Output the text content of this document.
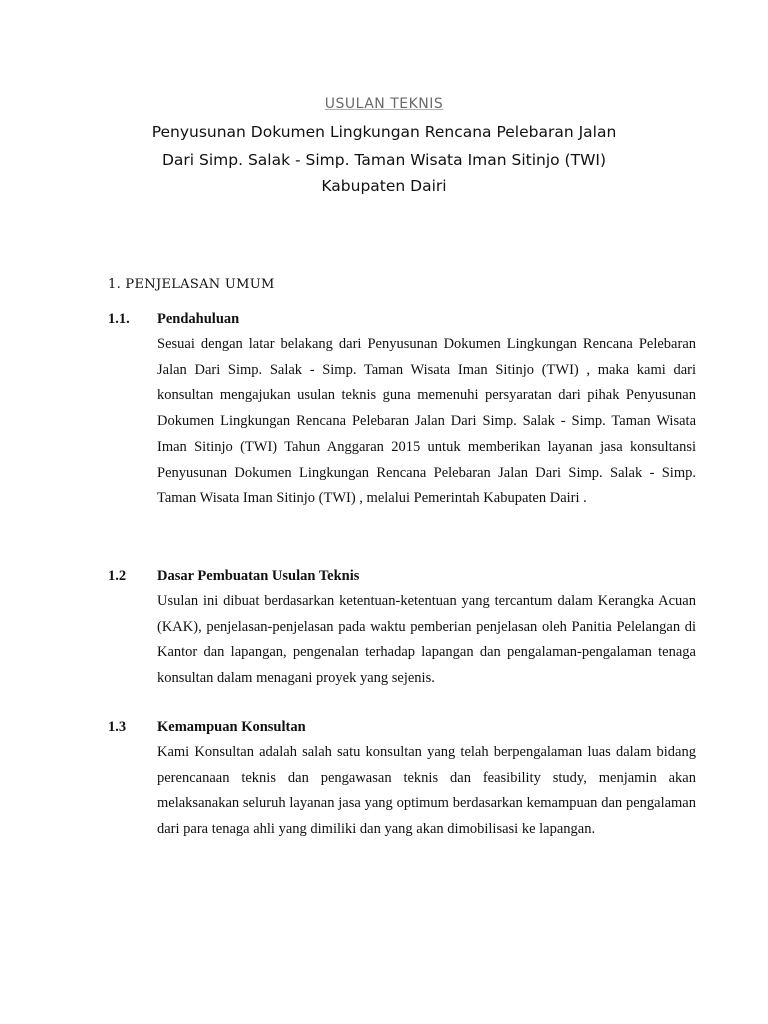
USULAN TEKNIS
Penyusunan Dokumen Lingkungan Rencana Pelebaran Jalan
Dari Simp. Salak - Simp. Taman Wisata Iman Sitinjo (TWI)
Kabupaten Dairi
1. PENJELASAN UMUM
1.1.	Pendahuluan

Sesuai dengan latar belakang dari Penyusunan Dokumen Lingkungan Rencana Pelebaran Jalan Dari Simp. Salak - Simp. Taman Wisata Iman Sitinjo (TWI) , maka kami dari konsultan mengajukan usulan teknis guna memenuhi persyaratan dari pihak Penyusunan Dokumen Lingkungan Rencana Pelebaran Jalan Dari Simp. Salak - Simp. Taman Wisata Iman Sitinjo (TWI) Tahun Anggaran 2015 untuk memberikan layanan jasa konsultansi Penyusunan Dokumen Lingkungan Rencana Pelebaran Jalan Dari Simp. Salak - Simp. Taman Wisata Iman Sitinjo (TWI) , melalui Pemerintah Kabupaten Dairi .

1.2	Dasar Pembuatan Usulan Teknis

Usulan ini dibuat berdasarkan ketentuan-ketentuan yang tercantum dalam Kerangka Acuan (KAK), penjelasan-penjelasan pada waktu pemberian penjelasan oleh Panitia Pelelangan di Kantor dan lapangan, pengenalan terhadap lapangan dan pengalaman-pengalaman tenaga konsultan dalam menagani proyek yang sejenis.

1.3	Kemampuan Konsultan

Kami Konsultan adalah salah satu konsultan yang telah berpengalaman luas dalam bidang perencanaan teknis dan pengawasan teknis dan feasibility study, menjamin akan melaksanakan seluruh layanan jasa yang optimum berdasarkan kemampuan dan pengalaman dari para tenaga ahli yang dimiliki dan yang akan dimobilisasi ke lapangan.
